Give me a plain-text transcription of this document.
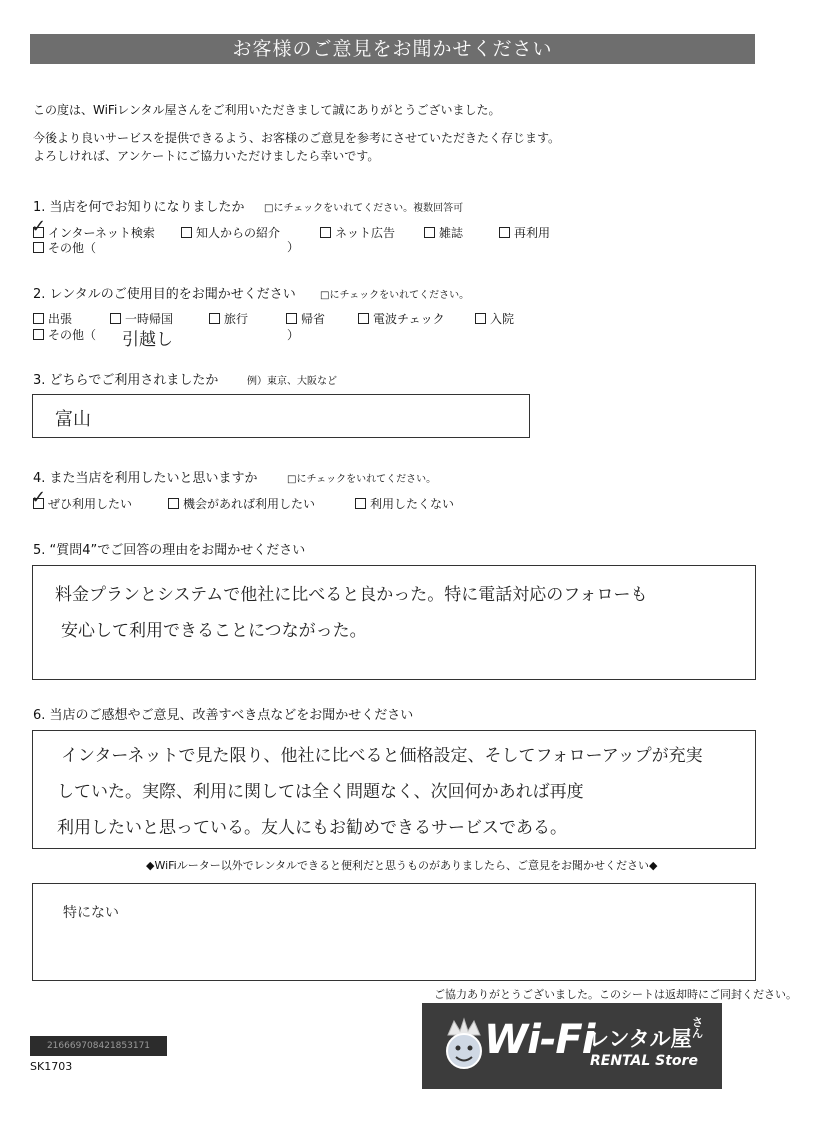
お客様のご意見をお聞かせください
この度は、WiFiレンタル屋さんをご利用いただきまして誠にありがとうございました。
今後より良いサービスを提供できるよう、お客様のご意見を参考にさせていただきたく存じます。
よろしければ、アンケートにご協力いただけましたら幸いです。
1. 当店を何でお知りになりましたか □にチェックをいれてください。複数回答可
✓ インターネット検索	知人からの紹介	ネット広告	雑誌	再利用
その他（	）
2. レンタルのご使用目的をお聞かせください □にチェックをいれてください。
出張	一時帰国	旅行	帰省	電波チェック	入院
その他（ 引越し	）
3. どちらでご利用されましたか	例）東京、大阪など
富山
4. また当店を利用したいと思いますか	□にチェックをいれてください。
✓ ぜひ利用したい	機会があれば利用したい	利用したくない
5. “質問4”でご回答の理由をお聞かせください
料金プランとシステムで他社に比べると良かった。特に電話対応のフォローも
安心して利用できることにつながった。
6. 当店のご感想やご意見、改善すべき点などをお聞かせください
インターネットで見た限り、他社に比べると価格設定、そしてフォローアップが充実
していた。実際、利用に関しては全く問題なく、次回何かあれば再度
利用したいと思っている。友人にもお勧めできるサービスである。
◆WiFiルーター以外でレンタルできると便利だと思うものがありましたら、ご意見をお聞かせください◆
特にない
ご協力ありがとうございました。このシートは返却時にご同封ください。
216669708421853171
SK1703
Wi-Fi
レンタル屋
さん
RENTAL Store
